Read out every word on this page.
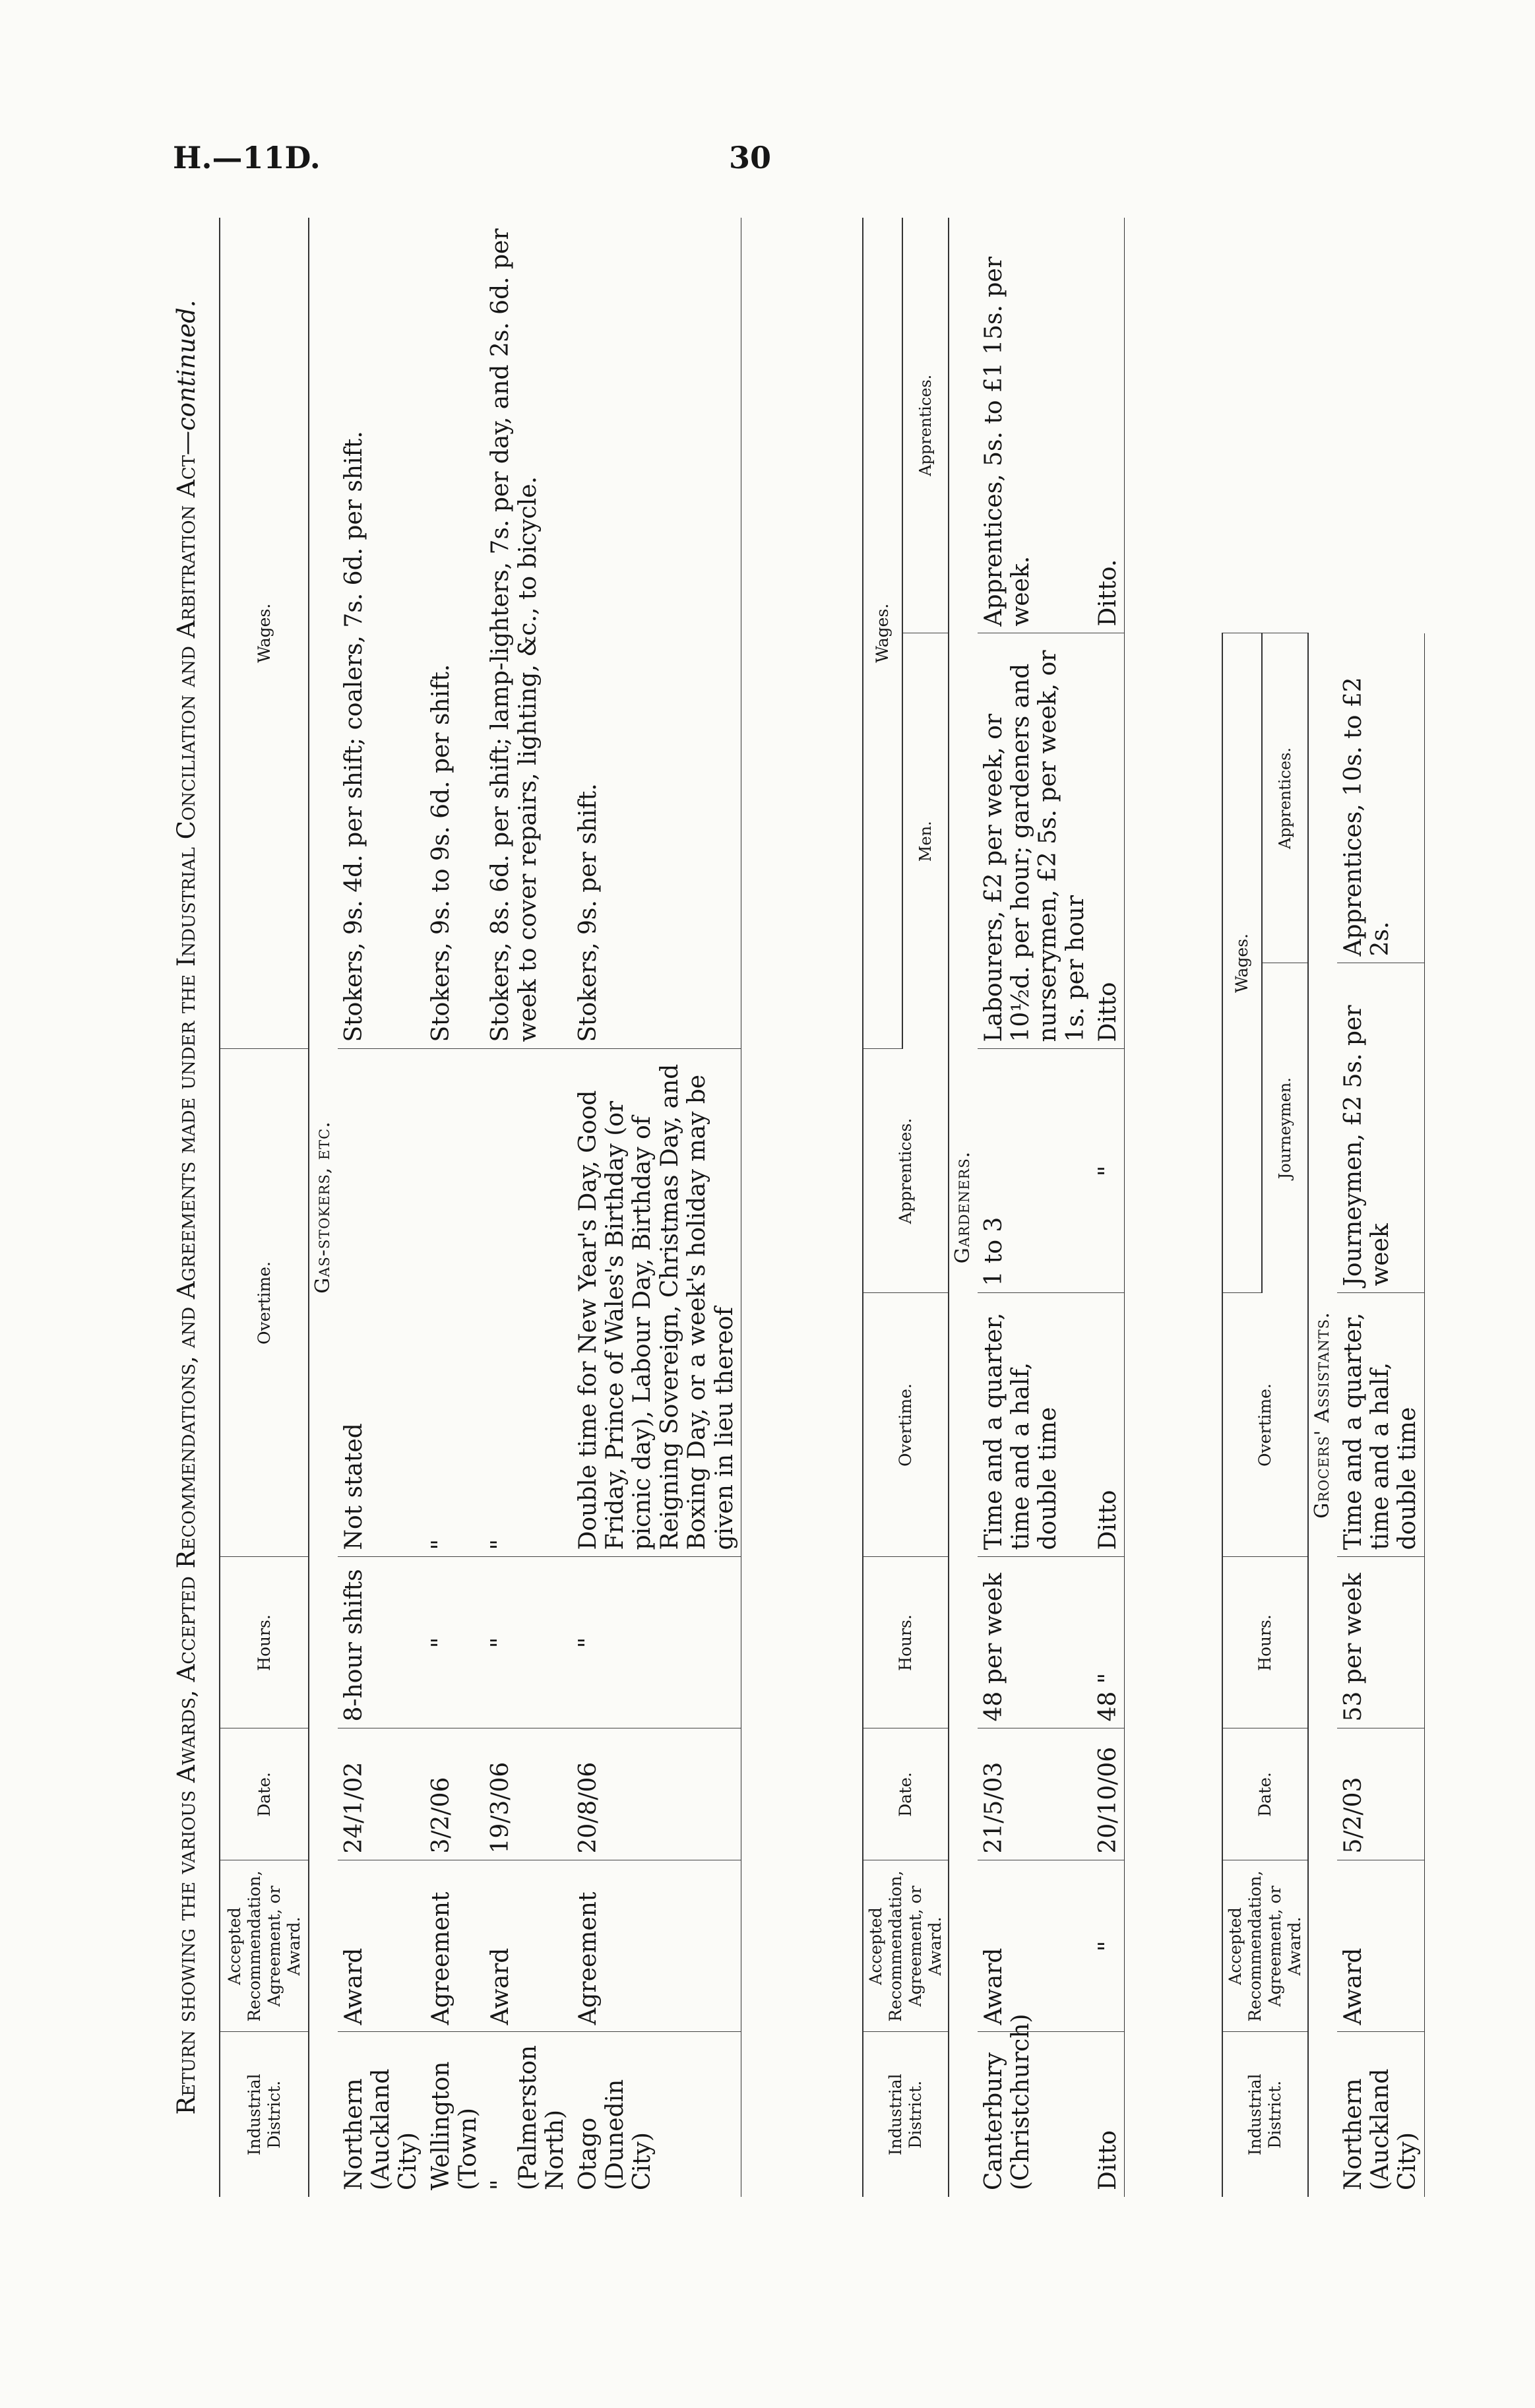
H.—11D.	30
Return showing the various Awards, Accepted Recommendations, and Agreements made under the Industrial Conciliation and Arbitration Act—continued.
Industrial District.	Accepted Recommendation, Agreement, or Award.	Date.	Hours.	Overtime.	Wages.
Gas-stokers, etc.					
Northern (Auckland City)	Award	24/1/02	8-hour shifts	Not stated	Stokers, 9s. 4d. per shift; coalers, 7s. 6d. per shift.
Wellington (Town)	Agreement	3/2/06	"	"	Stokers, 9s. to 9s. 6d. per shift.
" (Palmerston North)	Award	19/3/06	"	"	Stokers, 8s. 6d. per shift; lamp-lighters, 7s. per day, and 2s. 6d. per week to cover repairs, lighting, &c., to bicycle.
Otago (Dunedin City)	Agreement	20/8/06	"	Double time for New Year's Day, Good Friday, Prince of Wales's Birthday (or picnic day), Labour Day, Birthday of Reigning Sovereign, Christmas Day, and Boxing Day, or a week's holiday may be given in lieu thereof	Stokers, 9s. per shift.
Industrial District.	Accepted Recommendation, Agreement, or Award.	Date.	Hours.	Overtime.	Apprentices.	Wages.	
						Men.	Apprentices.
Gardeners.							
Canterbury (Christchurch)	Award	21/5/03	48 per week	Time and a quarter, time and a half, double time	1 to 3	Labourers, £2 per week, or 10½d. per hour; gardeners and nurserymen, £2 5s. per week, or 1s. per hour	Apprentices, 5s. to £1 15s. per week.
Ditto	"	20/10/06	48 "	Ditto	"	Ditto	Ditto.
Industrial District.	Accepted Recommendation, Agreement, or Award.	Date.	Hours.	Overtime.	Wages.		
					Journeymen.	Apprentices.	
Grocers' Assistants.							
Northern (Auckland City)	Award	5/2/03	53 per week	Time and a quarter, time and a half, double time	Journeymen, £2 5s. per week	Apprentices, 10s. to £2 2s.	
